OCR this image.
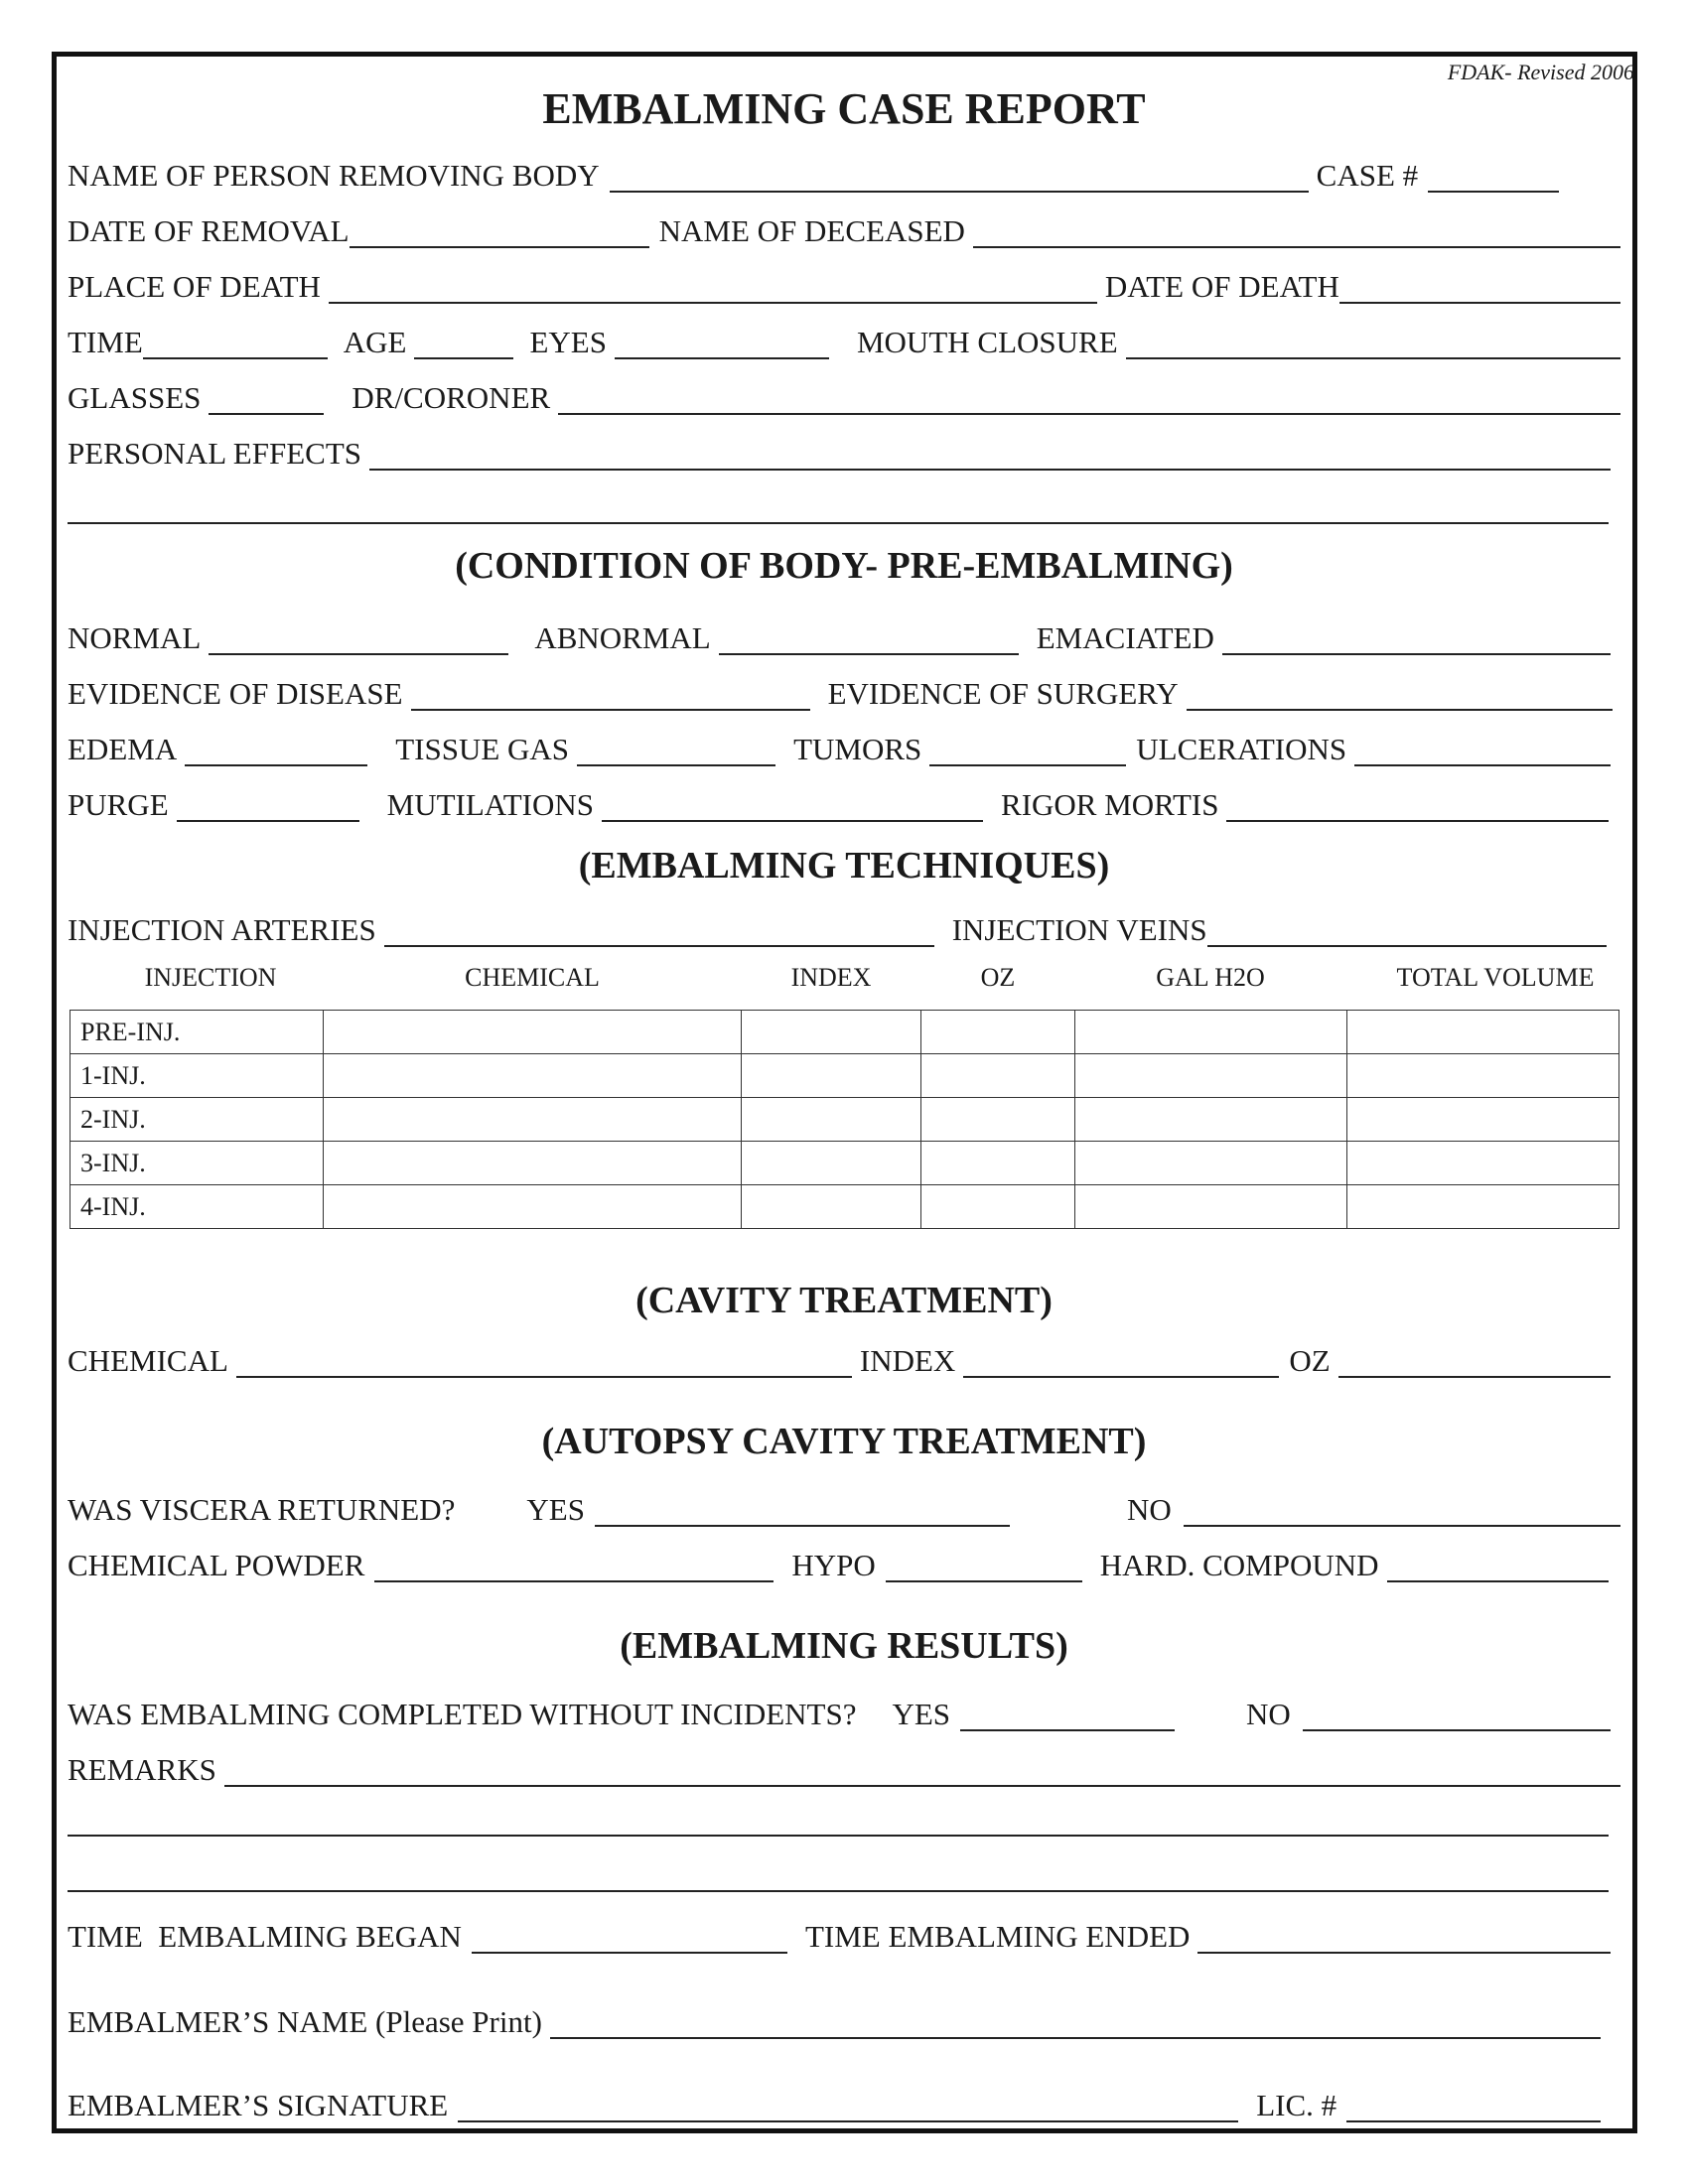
FDAK- Revised 2006
EMBALMING CASE REPORT
NAME OF PERSON REMOVING BODY	CASE #
DATE OF REMOVAL	NAME OF DECEASED
PLACE OF DEATH	DATE OF DEATH
TIME	AGE	EYES	MOUTH CLOSURE
GLASSES	DR/CORONER
PERSONAL EFFECTS
(CONDITION OF BODY- PRE-EMBALMING)
NORMAL	ABNORMAL	EMACIATED
EVIDENCE OF DISEASE	EVIDENCE OF SURGERY
EDEMA	TISSUE GAS	TUMORS	ULCERATIONS
PURGE	MUTILATIONS	RIGOR MORTIS
(EMBALMING TECHNIQUES)
INJECTION ARTERIES	INJECTION VEINS
INJECTION	CHEMICAL	INDEX	OZ	GAL H2O	TOTAL VOLUME
PRE-INJ.					
1-INJ.					
2-INJ.					
3-INJ.					
4-INJ.					
(CAVITY TREATMENT)
CHEMICAL	INDEX	OZ
(AUTOPSY CAVITY TREATMENT)
WAS VISCERA RETURNED? YES	NO
CHEMICAL POWDER	HYPO	HARD. COMPOUND
(EMBALMING RESULTS)
WAS EMBALMING COMPLETED WITHOUT INCIDENTS? YES	NO
REMARKS
TIME  EMBALMING BEGAN	TIME EMBALMING ENDED
EMBALMER’S NAME (Please Print)
EMBALMER’S SIGNATURE	LIC. #
